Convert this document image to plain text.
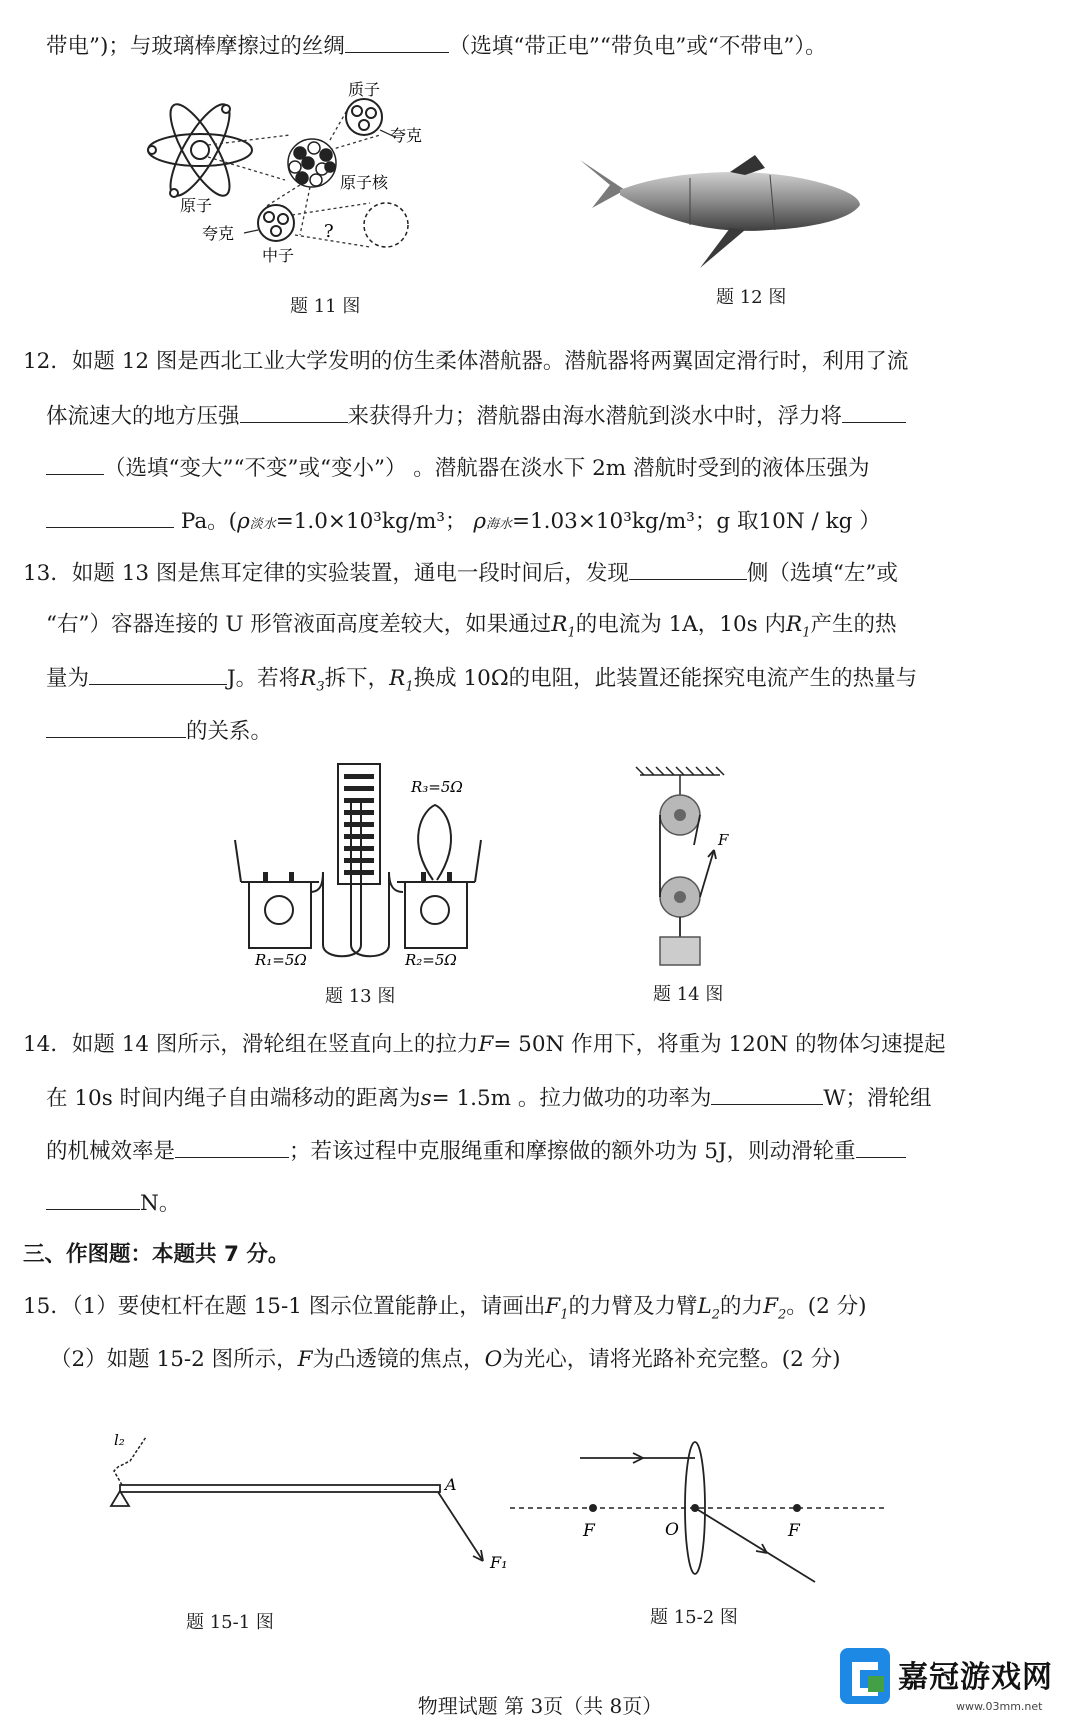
带电”)；与玻璃棒摩擦过的丝绸	（选填“带正电”“带负电”或“不带电”）。
质子
夸克
原子核
原子
夸克
中子
?
题 11 图	题 12 图
12．如题 12 图是西北工业大学发明的仿生柔体潜航器。潜航器将两翼固定滑行时，利用了流
体流速大的地方压强	来获得升力；潜航器由海水潜航到淡水中时，浮力将
（选填“变大”“不变”或“变小”） 。潜航器在淡水下 2m 潜航时受到的液体压强为
Pa。(ρ淡水=1.0×10³kg/m³； ρ海水=1.03×10³kg/m³；g 取10N / kg ）
13．如题 13 图是焦耳定律的实验装置，通电一段时间后，发现	侧（选填“左”或
“右”）容器连接的 U 形管液面高度差较大，如果通过$R_1$的电流为 1A，10s 内$R_1$产生的热
量为	J。若将$R_3$拆下，$R_1$换成 10Ω的电阻，此装置还能探究电流产生的热量与
的关系。
R₃=5Ω
R₁=5Ω	R₂=5Ω
题 13 图
F
题 14 图
14．如题 14 图所示，滑轮组在竖直向上的拉力F= 50N 作用下，将重为 120N 的物体匀速提起
在 10s 时间内绳子自由端移动的距离为s= 1.5m 。拉力做功的功率为	W；滑轮组
的机械效率是	；若该过程中克服绳重和摩擦做的额外功为 5J，则动滑轮重
N。
三、作图题：本题共 7 分。
15．（1）要使杠杆在题 15-1 图示位置能静止，请画出$F_1$的力臂及力臂$L_2$的力$F_2$。(2 分)
（2）如题 15-2 图所示，F为凸透镜的焦点，O为光心，请将光路补充完整。(2 分)
l₂
A
F₁
题 15-1 图
F	O	F
题 15-2 图
物理试题 第 3页（共 8页）
嘉冠游戏网
www.03mm.net
